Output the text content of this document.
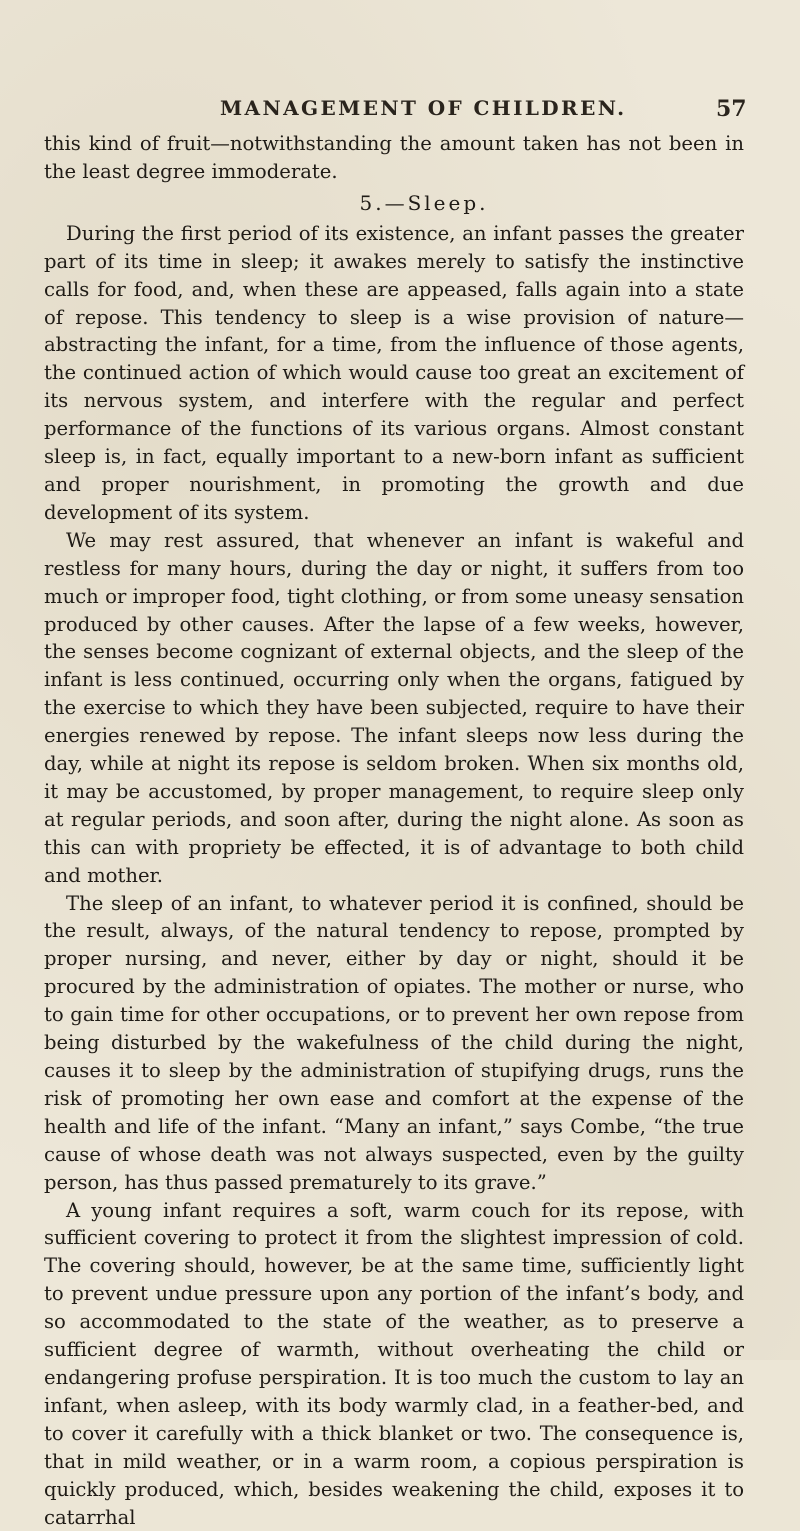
MANAGEMENT OF CHILDREN.	57

this kind of fruit—notwithstanding the amount taken has not been in the least degree immoderate.

5.—Sleep.

During the first period of its existence, an infant passes the greater part of its time in sleep; it awakes merely to satisfy the instinctive calls for food, and, when these are appeased, falls again into a state of repose. This tendency to sleep is a wise provision of nature—abstracting the infant, for a time, from the influence of those agents, the continued action of which would cause too great an excitement of its nervous system, and interfere with the regular and perfect performance of the functions of its various organs. Almost constant sleep is, in fact, equally important to a new-born infant as sufficient and proper nourishment, in promoting the growth and due development of its system.

We may rest assured, that whenever an infant is wakeful and restless for many hours, during the day or night, it suffers from too much or improper food, tight clothing, or from some uneasy sensation produced by other causes. After the lapse of a few weeks, however, the senses become cognizant of external objects, and the sleep of the infant is less continued, occurring only when the organs, fatigued by the exercise to which they have been subjected, require to have their energies renewed by repose. The infant sleeps now less during the day, while at night its repose is seldom broken. When six months old, it may be accustomed, by proper management, to require sleep only at regular periods, and soon after, during the night alone. As soon as this can with propriety be effected, it is of advantage to both child and mother.

The sleep of an infant, to whatever period it is confined, should be the result, always, of the natural tendency to repose, prompted by proper nursing, and never, either by day or night, should it be procured by the administration of opiates. The mother or nurse, who to gain time for other occupations, or to prevent her own repose from being disturbed by the wakefulness of the child during the night, causes it to sleep by the administration of stupifying drugs, runs the risk of promoting her own ease and comfort at the expense of the health and life of the infant. “Many an infant,” says Combe, “the true cause of whose death was not always suspected, even by the guilty person, has thus passed prematurely to its grave.”

A young infant requires a soft, warm couch for its repose, with sufficient covering to protect it from the slightest impression of cold. The covering should, however, be at the same time, sufficiently light to prevent undue pressure upon any portion of the infant’s body, and so accommodated to the state of the weather, as to preserve a sufficient degree of warmth, without overheating the child or endangering profuse perspiration. It is too much the custom to lay an infant, when asleep, with its body warmly clad, in a feather-bed, and to cover it carefully with a thick blanket or two. The consequence is, that in mild weather, or in a warm room, a copious perspiration is quickly produced, which, besides weakening the child, exposes it to catarrhal
